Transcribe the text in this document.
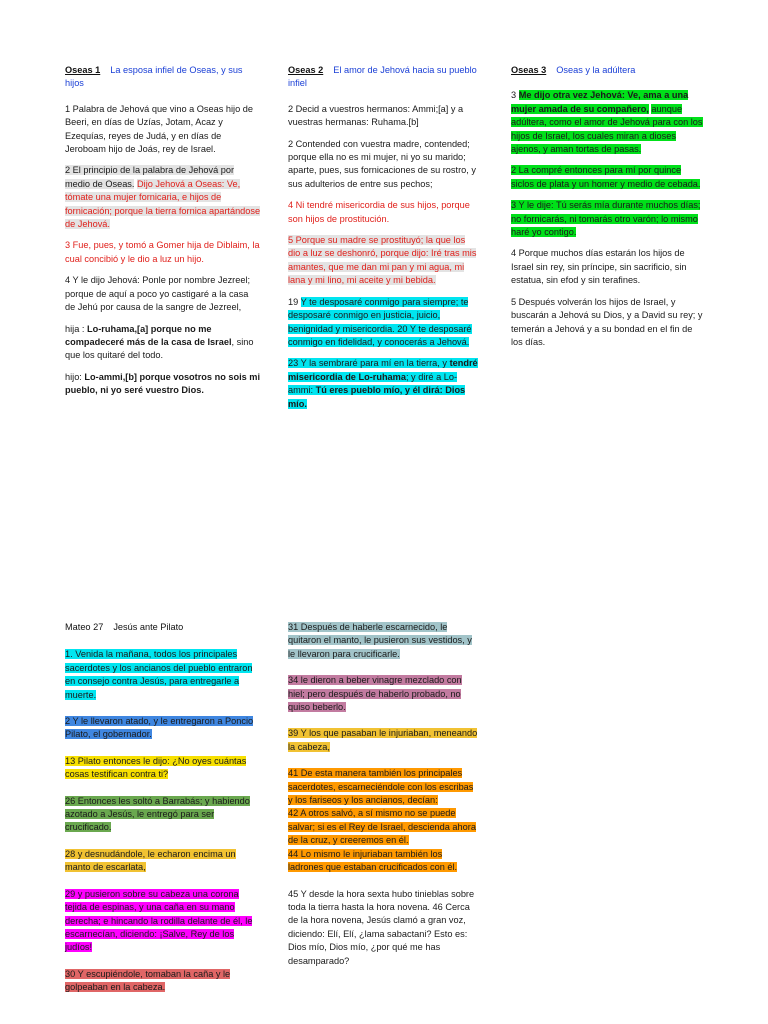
Oseas 1 La esposa infiel de Oseas, y sus hijos

1 Palabra de Jehová que vino a Oseas hijo de Beeri, en días de Uzías, Jotam, Acaz y Ezequías, reyes de Judá, y en días de Jeroboam hijo de Joás, rey de Israel.

2 El principio de la palabra de Jehová por medio de Oseas. Dijo Jehová a Oseas: Ve, tómate una mujer fornicaria, e hijos de fornicación; porque la tierra fornica apartándose de Jehová.

3 Fue, pues, y tomó a Gomer hija de Diblaim, la cual concibió y le dio a luz un hijo.

4 Y le dijo Jehová: Ponle por nombre Jezreel; porque de aquí a poco yo castigaré a la casa de Jehú por causa de la sangre de Jezreel,

hija : Lo-ruhama,[a] porque no me compadeceré más de la casa de Israel, sino que los quitaré del todo.

hijo: Lo-ammi,[b] porque vosotros no sois mi pueblo, ni yo seré vuestro Dios.

Oseas 2 El amor de Jehová hacia su pueblo infiel

2 Decid a vuestros hermanos: Ammi;[a] y a vuestras hermanas: Ruhama.[b]

2 Contended con vuestra madre, contended; porque ella no es mi mujer, ni yo su marido; aparte, pues, sus fornicaciones de su rostro, y sus adulterios de entre sus pechos;

4 Ni tendré misericordia de sus hijos, porque son hijos de prostitución.

5 Porque su madre se prostituyó; la que los dio a luz se deshonró, porque dijo: Iré tras mis amantes, que me dan mi pan y mi agua, mi lana y mi lino, mi aceite y mi bebida.

19 Y te desposaré conmigo para siempre; te desposaré conmigo en justicia, juicio, benignidad y misericordia. 20 Y te desposaré conmigo en fidelidad, y conocerás a Jehová.

23 Y la sembraré para mí en la tierra, y tendré misericordia de Lo-ruhama; y diré a Lo-ammi: Tú eres pueblo mío, y él dirá: Dios mío.

Oseas 3 Oseas y la adúltera

3 Me dijo otra vez Jehová: Ve, ama a una mujer amada de su compañero, aunque adúltera, como el amor de Jehová para con los hijos de Israel, los cuales miran a dioses ajenos, y aman tortas de pasas.

2 La compré entonces para mí por quince siclos de plata y un homer y medio de cebada.

3 Y le dije: Tú serás mía durante muchos días; no fornicarás, ni tomarás otro varón; lo mismo haré yo contigo.

4 Porque muchos días estarán los hijos de Israel sin rey, sin príncipe, sin sacrificio, sin estatua, sin efod y sin terafines.

5 Después volverán los hijos de Israel, y buscarán a Jehová su Dios, y a David su rey; y temerán a Jehová y a su bondad en el fin de los días.

Mateo 27 Jesús ante Pilato

1. Venida la mañana, todos los principales sacerdotes y los ancianos del pueblo entraron en consejo contra Jesús, para entregarle a muerte.

2 Y le llevaron atado, y le entregaron a Poncio Pilato, el gobernador.

13 Pilato entonces le dijo: ¿No oyes cuántas cosas testifican contra ti?

26 Entonces les soltó a Barrabás; y habiendo azotado a Jesús, le entregó para ser crucificado.

28 y desnudándole, le echaron encima un manto de escarlata,

29 y pusieron sobre su cabeza una corona tejida de espinas, y una caña en su mano derecha; e hincando la rodilla delante de él, le escarnecían, diciendo: ¡Salve, Rey de los judíos!

30 Y escupiéndole, tomaban la caña y le golpeaban en la cabeza.

31 Después de haberle escarnecido, le quitaron el manto, le pusieron sus vestidos, y le llevaron para crucificarle.

34 le dieron a beber vinagre mezclado con hiel; pero después de haberlo probado, no quiso beberlo.

39 Y los que pasaban le injuriaban, meneando la cabeza,

41 De esta manera también los principales sacerdotes, escarneciéndole con los escribas y los fariseos y los ancianos, decían:
42 A otros salvó, a sí mismo no se puede salvar; si es el Rey de Israel, descienda ahora de la cruz, y creeremos en él.
44 Lo mismo le injuriaban también los ladrones que estaban crucificados con él.

45 Y desde la hora sexta hubo tinieblas sobre toda la tierra hasta la hora novena. 46 Cerca de la hora novena, Jesús clamó a gran voz, diciendo: Elí, Elí, ¿lama sabactani? Esto es: Dios mío, Dios mío, ¿por qué me has desamparado?
